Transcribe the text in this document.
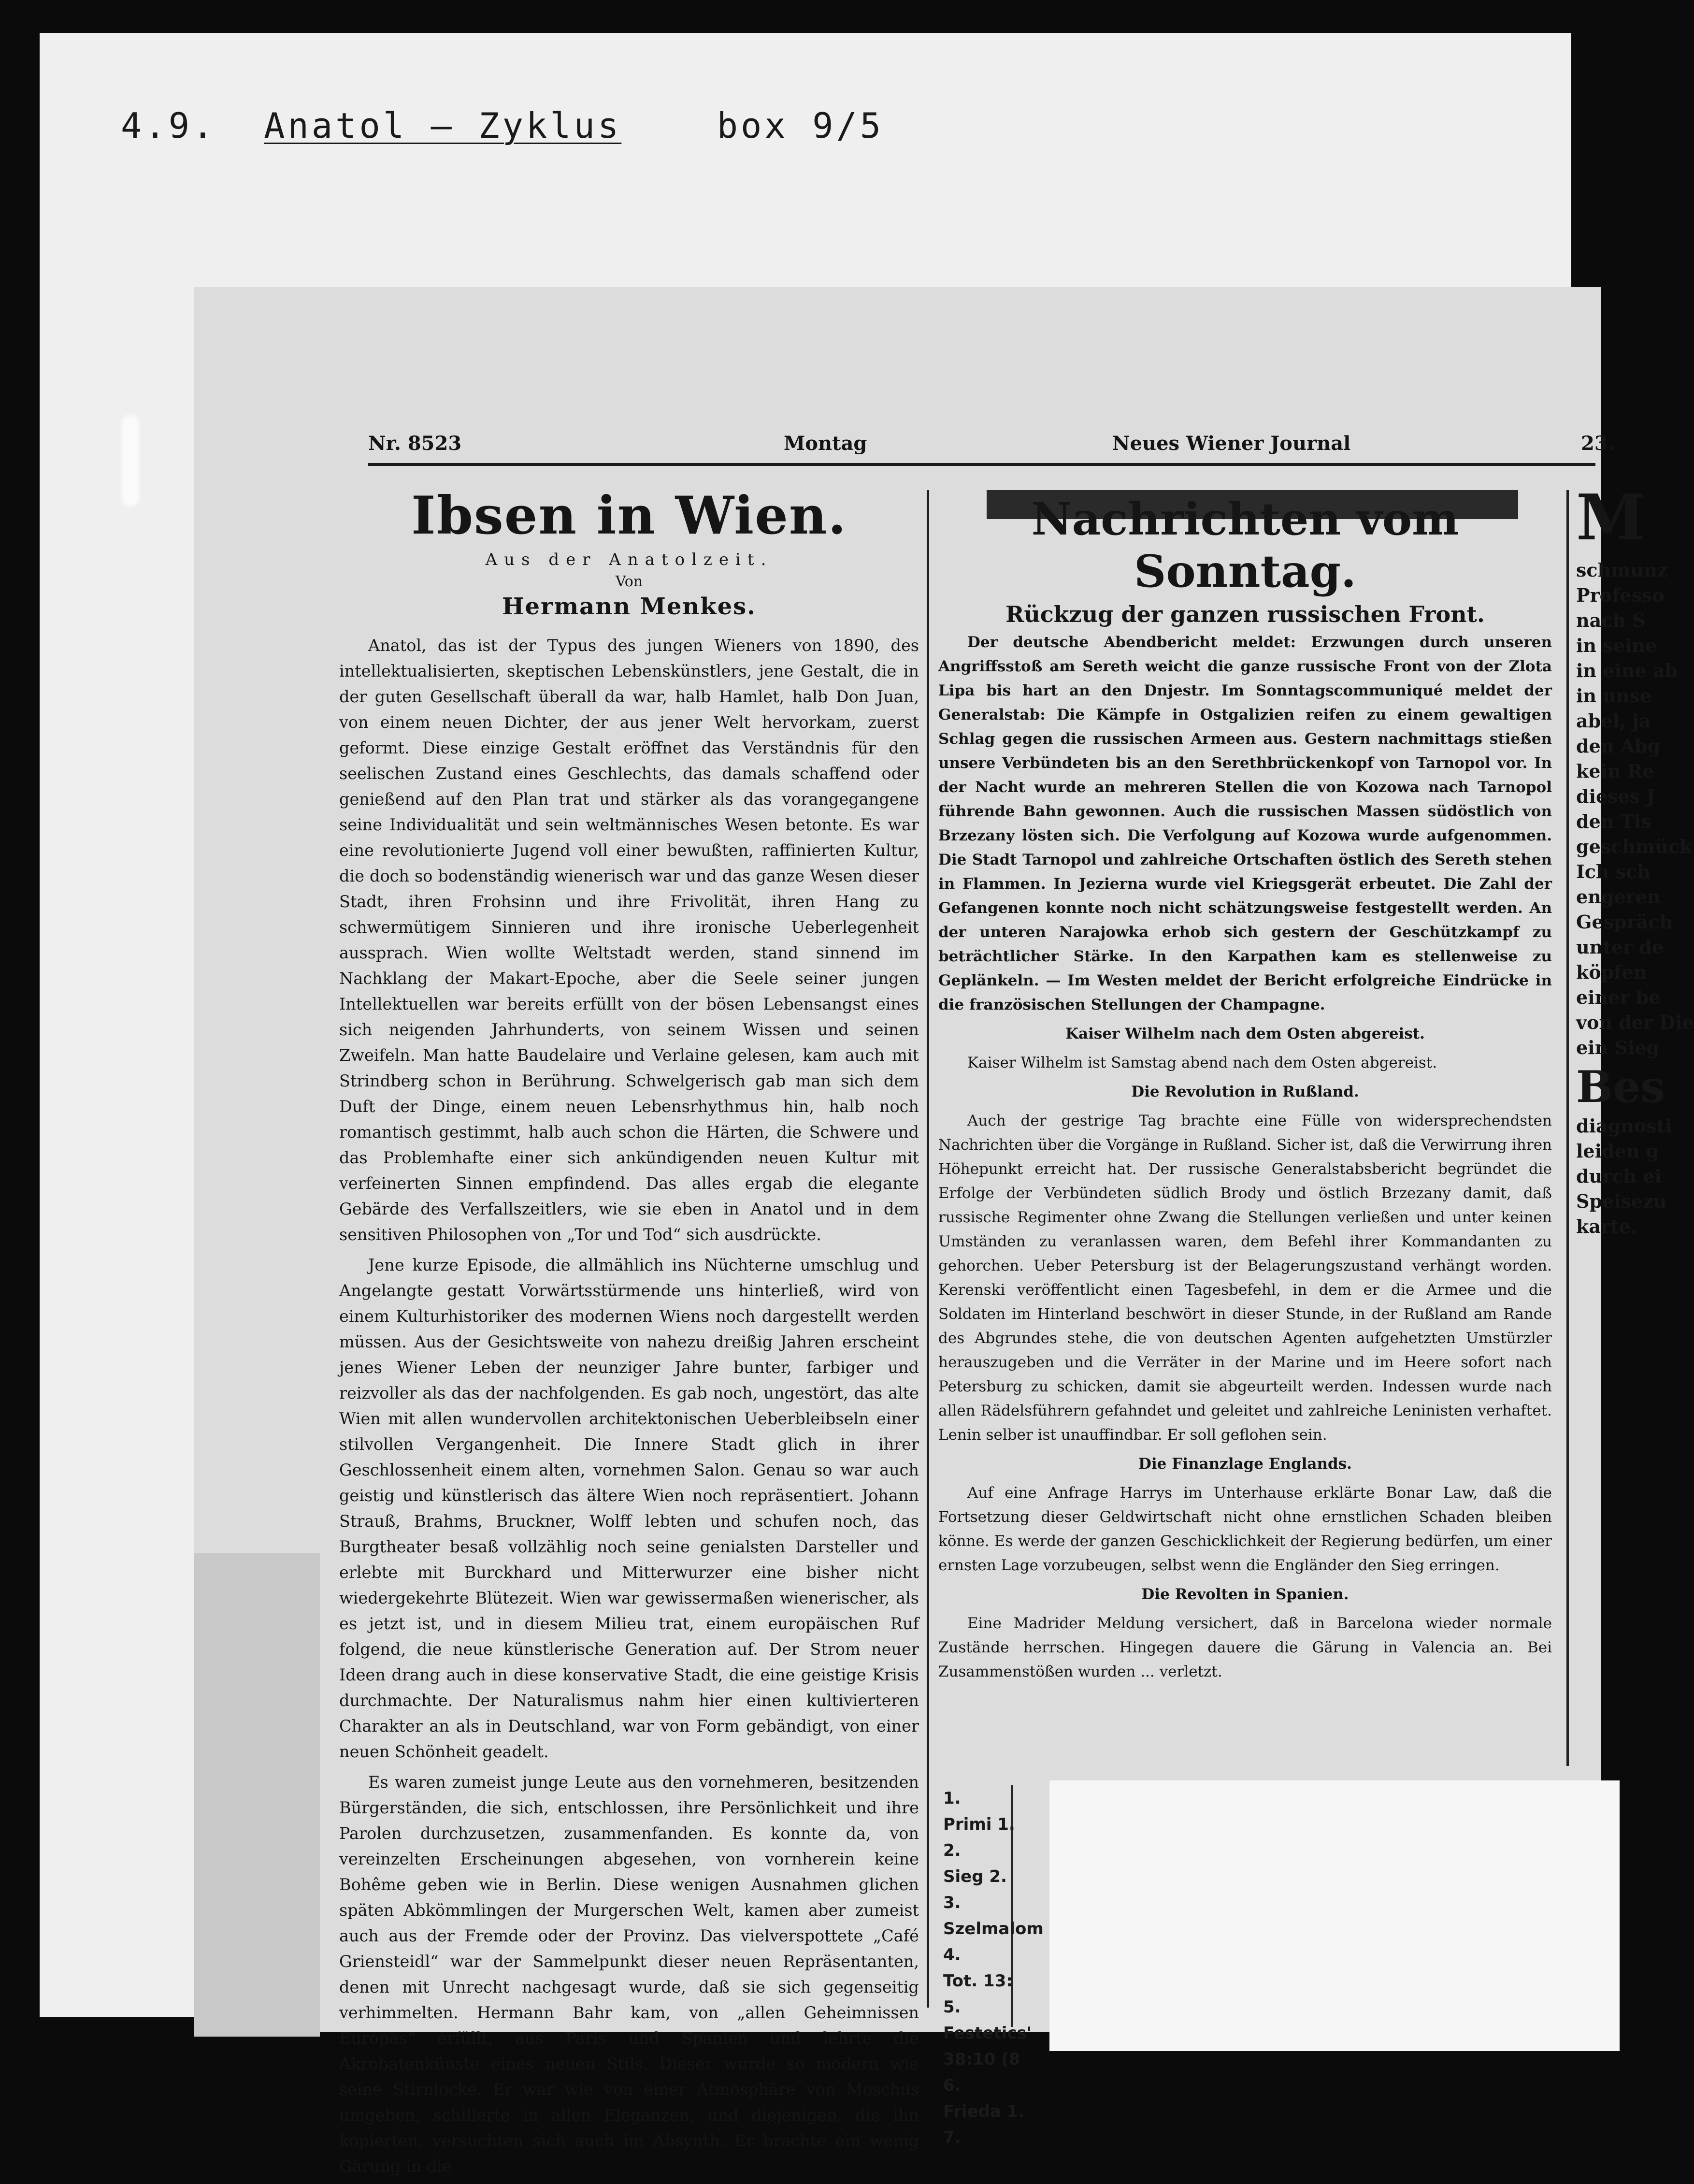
4.9. Anatol – Zyklus	box 9/5
Nr. 8523	Montag	Neues Wiener Journal	23.
Ibsen in Wien.
Aus der Anatolzeit.
Von
Hermann Menkes.

Anatol, das ist der Typus des jungen Wieners von 1890, des intellektualisierten, skeptischen Lebenskünstlers, jene Gestalt, die in der guten Gesellschaft überall da war, halb Hamlet, halb Don Juan, von einem neuen Dichter, der aus jener Welt hervorkam, zuerst geformt. Diese einzige Gestalt eröffnet das Verständnis für den seelischen Zustand eines Geschlechts, das damals schaffend oder genießend auf den Plan trat und stärker als das vorangegangene seine Individualität und sein weltmännisches Wesen betonte. Es war eine revolutionierte Jugend voll einer bewußten, raffinierten Kultur, die doch so bodenständig wienerisch war und das ganze Wesen dieser Stadt, ihren Frohsinn und ihre Frivolität, ihren Hang zu schwermütigem Sinnieren und ihre ironische Ueberlegenheit aussprach. Wien wollte Weltstadt werden, stand sinnend im Nachklang der Makart-Epoche, aber die Seele seiner jungen Intellektuellen war bereits erfüllt von der bösen Lebensangst eines sich neigenden Jahrhunderts, von seinem Wissen und seinen Zweifeln. Man hatte Baudelaire und Verlaine gelesen, kam auch mit Strindberg schon in Berührung. Schwelgerisch gab man sich dem Duft der Dinge, einem neuen Lebensrhythmus hin, halb noch romantisch gestimmt, halb auch schon die Härten, die Schwere und das Problemhafte einer sich ankündigenden neuen Kultur mit verfeinerten Sinnen empfindend. Das alles ergab die elegante Gebärde des Verfallszeitlers, wie sie eben in Anatol und in dem sensitiven Philosophen von „Tor und Tod“ sich ausdrückte.

Jene kurze Episode, die allmählich ins Nüchterne umschlug und Angelangte gestatt Vorwärtsstürmende uns hinterließ, wird von einem Kulturhistoriker des modernen Wiens noch dargestellt werden müssen. Aus der Gesichtsweite von nahezu dreißig Jahren erscheint jenes Wiener Leben der neunziger Jahre bunter, farbiger und reizvoller als das der nachfolgenden. Es gab noch, ungestört, das alte Wien mit allen wundervollen architektonischen Ueberbleibseln einer stilvollen Vergangenheit. Die Innere Stadt glich in ihrer Geschlossenheit einem alten, vornehmen Salon. Genau so war auch geistig und künstlerisch das ältere Wien noch repräsentiert. Johann Strauß, Brahms, Bruckner, Wolff lebten und schufen noch, das Burgtheater besaß vollzählig noch seine genialsten Darsteller und erlebte mit Burckhard und Mitterwurzer eine bisher nicht wiedergekehrte Blütezeit. Wien war gewissermaßen wienerischer, als es jetzt ist, und in diesem Milieu trat, einem europäischen Ruf folgend, die neue künstlerische Generation auf. Der Strom neuer Ideen drang auch in diese konservative Stadt, die eine geistige Krisis durchmachte. Der Naturalismus nahm hier einen kultivierteren Charakter an als in Deutschland, war von Form gebändigt, von einer neuen Schönheit geadelt.

Es waren zumeist junge Leute aus den vornehmeren, besitzenden Bürgerständen, die sich, entschlossen, ihre Persönlichkeit und ihre Parolen durchzusetzen, zusammenfanden. Es konnte da, von vereinzelten Erscheinungen abgesehen, von vornherein keine Bohême geben wie in Berlin. Diese wenigen Ausnahmen glichen späten Abkömmlingen der Murgerschen Welt, kamen aber zumeist auch aus der Fremde oder der Provinz. Das vielverspottete „Café Griensteidl“ war der Sammelpunkt dieser neuen Repräsentanten, denen mit Unrecht nachgesagt wurde, daß sie sich gegenseitig verhimmelten. Hermann Bahr kam, von „allen Geheimnissen Europas“ erfüllt, aus Paris und Spanien und lehrte die Akrobatenkünste eines neuen Stils. Dieser wurde so modern wie seine Stirnlocke. Er war wie von einer Atmosphäre von Moschus umgeben, schillerte in allen Eleganzen, und diejenigen, die ihn kopierten, versuchten sich auch im Absynth. Er brachte ein wenig Gärung in die

Nachrichten vom Sonntag.
Rückzug der ganzen russischen Front.

Der deutsche Abendbericht meldet: Erzwungen durch unseren Angriffsstoß am Sereth weicht die ganze russische Front von der Zlota Lipa bis hart an den Dnjestr. Im Sonntagscommuniqué meldet der Generalstab: Die Kämpfe in Ostgalizien reifen zu einem gewaltigen Schlag gegen die russischen Armeen aus. Gestern nachmittags stießen unsere Verbündeten bis an den Serethbrückenkopf von Tarnopol vor. In der Nacht wurde an mehreren Stellen die von Kozowa nach Tarnopol führende Bahn gewonnen. Auch die russischen Massen südöstlich von Brzezany lösten sich. Die Verfolgung auf Kozowa wurde aufgenommen. Die Stadt Tarnopol und zahlreiche Ortschaften östlich des Sereth stehen in Flammen. In Jezierna wurde viel Kriegsgerät erbeutet. Die Zahl der Gefangenen konnte noch nicht schätzungsweise festgestellt werden. An der unteren Narajowka erhob sich gestern der Geschützkampf zu beträchtlicher Stärke. In den Karpathen kam es stellenweise zu Geplänkeln. — Im Westen meldet der Bericht erfolgreiche Eindrücke in die französischen Stellungen der Champagne.

Kaiser Wilhelm nach dem Osten abgereist.

Kaiser Wilhelm ist Samstag abend nach dem Osten abgereist.

Die Revolution in Rußland.

Auch der gestrige Tag brachte eine Fülle von widersprechendsten Nachrichten über die Vorgänge in Rußland. Sicher ist, daß die Verwirrung ihren Höhepunkt erreicht hat. Der russische Generalstabsbericht begründet die Erfolge der Verbündeten südlich Brody und östlich Brzezany damit, daß russische Regimenter ohne Zwang die Stellungen verließen und unter keinen Umständen zu veranlassen waren, dem Befehl ihrer Kommandanten zu gehorchen. Ueber Petersburg ist der Belagerungszustand verhängt worden. Kerenski veröffentlicht einen Tagesbefehl, in dem er die Armee und die Soldaten im Hinterland beschwört in dieser Stunde, in der Rußland am Rande des Abgrundes stehe, die von deutschen Agenten aufgehetzten Umstürzler herauszugeben und die Verräter in der Marine und im Heere sofort nach Petersburg zu schicken, damit sie abgeurteilt werden. Indessen wurde nach allen Rädelsführern gefahndet und geleitet und zahlreiche Leninisten verhaftet. Lenin selber ist unauffindbar. Er soll geflohen sein.

Die Finanzlage Englands.

Auf eine Anfrage Harrys im Unterhause erklärte Bonar Law, daß die Fortsetzung dieser Geldwirtschaft nicht ohne ernstlichen Schaden bleiben könne. Es werde der ganzen Geschicklichkeit der Regierung bedürfen, um einer ernsten Lage vorzubeugen, selbst wenn die Engländer den Sieg erringen.

Die Revolten in Spanien.

Eine Madrider Meldung versichert, daß in Barcelona wieder normale Zustände herrschen. Hingegen dauere die Gärung in Valencia an. Bei Zusammenstößen wurden ... verletzt.

M
schmunz
Professo
nach S
in seine
in eine ab
in unse
abel, ja
den Abg
kein Re
dieses J
den Tis
geschmück
Ich sch
engeren
Gespräch
unter de
köpfen
einer be
von der Die
ein Sieg
Bes
diagnosti
leiden g
durch ei
Speisezu
karte.
1.
Primi 1.
2.
Sieg 2.
3.
Szelmalom
4.
Tot. 13:
5.
Festetics'
38:10 (8
6.
Frieda 1.
7.
